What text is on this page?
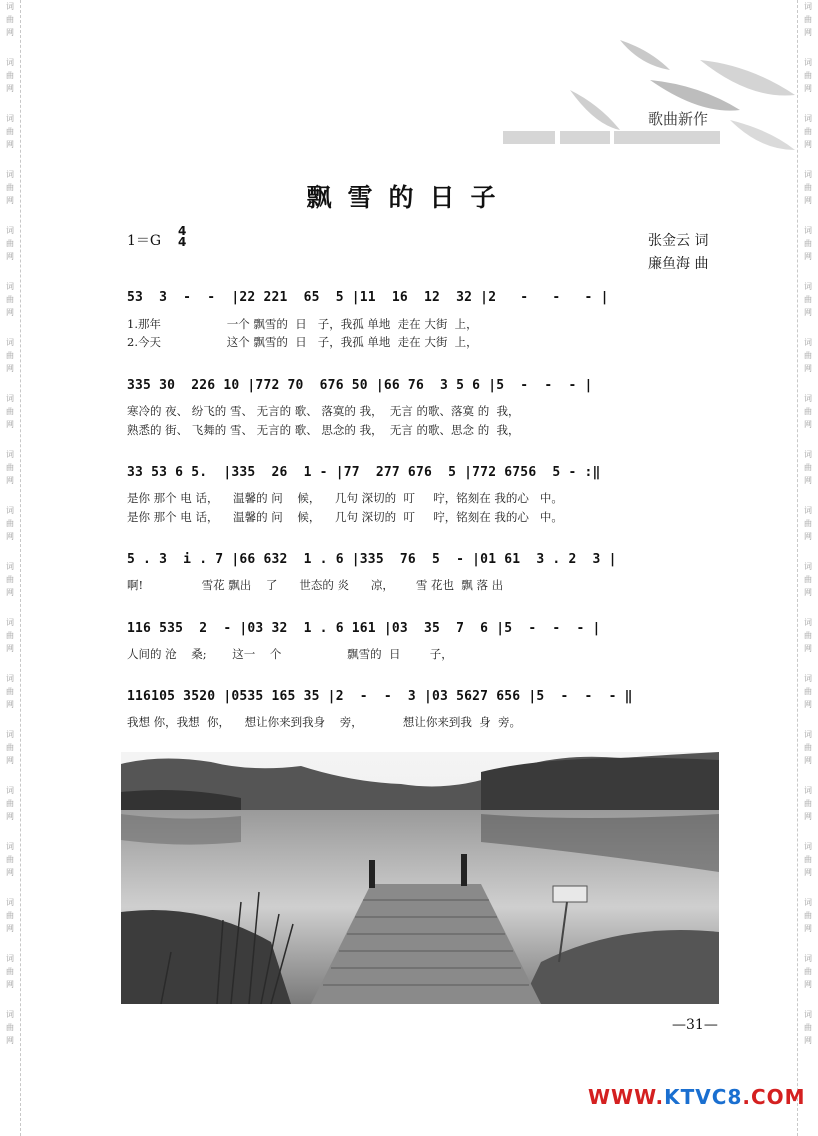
词
曲
网
词
曲
网
词
曲
网
词
曲
网
词
曲
网
词
曲
网
词
曲
网
词
曲
网
词
曲
网
词
曲
网
词
曲
网
词
曲
网
词
曲
网
词
曲
网
词
曲
网
词
曲
网
词
曲
网
词
曲
网
词
曲
网
词
曲
网
词
曲
网
词
曲
网
词
曲
网
词
曲
网
词
曲
网
词
曲
网
词
曲
网
词
曲
网
词
曲
网
词
曲
网
词
曲
网
词
曲
网
词
曲
网
词
曲
网
词
曲
网
词
曲
网
词
曲
网
词
曲
网
歌曲新作
飘雪的日子
1＝G
4
4	张金云 词
廉鱼海 曲
53  3  -  -  |22 221  65  5 |11  16  12  32 |2   -   -   - |
1.那年                  一个 飘雪的  日   子，我孤 单地  走在 大街  上，
2.今天                  这个 飘雪的  日   子，我孤 单地  走在 大街  上，
335 30  226 10 |772 70  676 50 |66 76  3 5 6 |5  -  -  - |
寒冷的 夜、 纷飞的 雪、 无言的 歌、 落寞的 我，  无言 的歌、落寞 的  我，
熟悉的 街、 飞舞的 雪、 无言的 歌、 思念的 我，  无言 的歌、思念 的  我，
33 53 6 5.  |335  26  1 - |77  277 676  5 |772 6756  5 - :‖
是你 那个 电 话，    温馨的 问    候，    几句 深切的  叮     咛，铭刻在 我的心   中。
是你 那个 电 话，    温馨的 问    候，    几句 深切的  叮     咛，铭刻在 我的心   中。
5 . 3  i . 7 |66 632  1 . 6 |335  76  5  - |01 61  3 . 2  3 |
啊!                雪花 飘出    了      世态的 炎      凉，      雪 花也  飘 落 出
116 535  2  - |03 32  1 . 6 161 |03  35  7  6 |5  -  -  - |
人间的 沧    桑;       这一    个                  飘雪的  日        子，
116105 3520 |0535 165 35 |2  -  -  3 |03 5627 656 |5  -  -  - ‖
我想 你，我想  你，    想让你来到我身    旁，           想让你来到我  身  旁。
—31—
WWW.KTVC8.COM
